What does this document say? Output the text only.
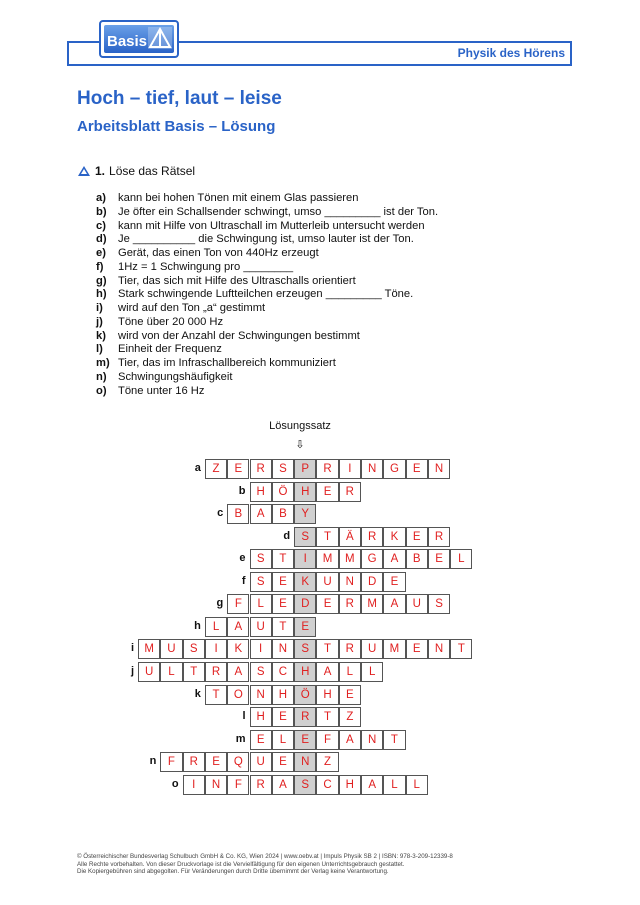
Basis
Physik des Hörens
Hoch – tief, laut – leise
Arbeitsblatt Basis – Lösung
1. Löse das Rätsel
a)	kann bei hohen Tönen mit einem Glas passieren
b)	Je öfter ein Schallsender schwingt, umso _________ ist der Ton.
c)	kann mit Hilfe von Ultraschall im Mutterleib untersucht werden
d)	Je __________ die Schwingung ist, umso lauter ist der Ton.
e)	Gerät, das einen Ton von 440Hz erzeugt
f)	1Hz = 1 Schwingung pro ________
g)	Tier, das sich mit Hilfe des Ultraschalls orientiert
h)	Stark schwingende Luftteilchen erzeugen _________ Töne.
i)	wird auf den Ton „a“ gestimmt
j)	Töne über 20 000 Hz
k)	wird von der Anzahl der Schwingungen bestimmt
l)	Einheit der Frequenz
m) Tier, das im Infraschallbereich kommuniziert
n)	Schwingungshäufigkeit
o)	Töne unter 16 Hz
Lösungssatz
⇩
a	Z	E	R	S	P	R	I	N	G	E	N
b H	Ö	H	E	R
c B	A	B	Y
d S	T	Ä	R	K	E	R
e S	T	I	M	M	G	A	B	E	L
f S	E	K	U	N	D	E
g	F	L	E	D	E	R	M	A	U	S
h	L	A	U	T	E
i M	U	S	I	K	I	N	S	T	R	U	M	E	N	T
j U	L	T	R	A	S	C	H	A	L	L
k	T	O	N	H	Ö	H	E
l H	E	R	T	Z
m E	L	E	F	A	N	T
n	F	R	E	Q	U	E	N	Z
o	I	N	F	R	A	S	C	H	A	L	L
© Österreichischer Bundesverlag Schulbuch GmbH & Co. KG, Wien 2024 | www.oebv.at | Impuls Physik SB 2 | ISBN: 978-3-209-12339-8
Alle Rechte vorbehalten. Von dieser Druckvorlage ist die Vervielfältigung für den eigenen Unterrichtsgebrauch gestattet.
Die Kopiergebühren sind abgegolten. Für Veränderungen durch Dritte übernimmt der Verlag keine Verantwortung.
